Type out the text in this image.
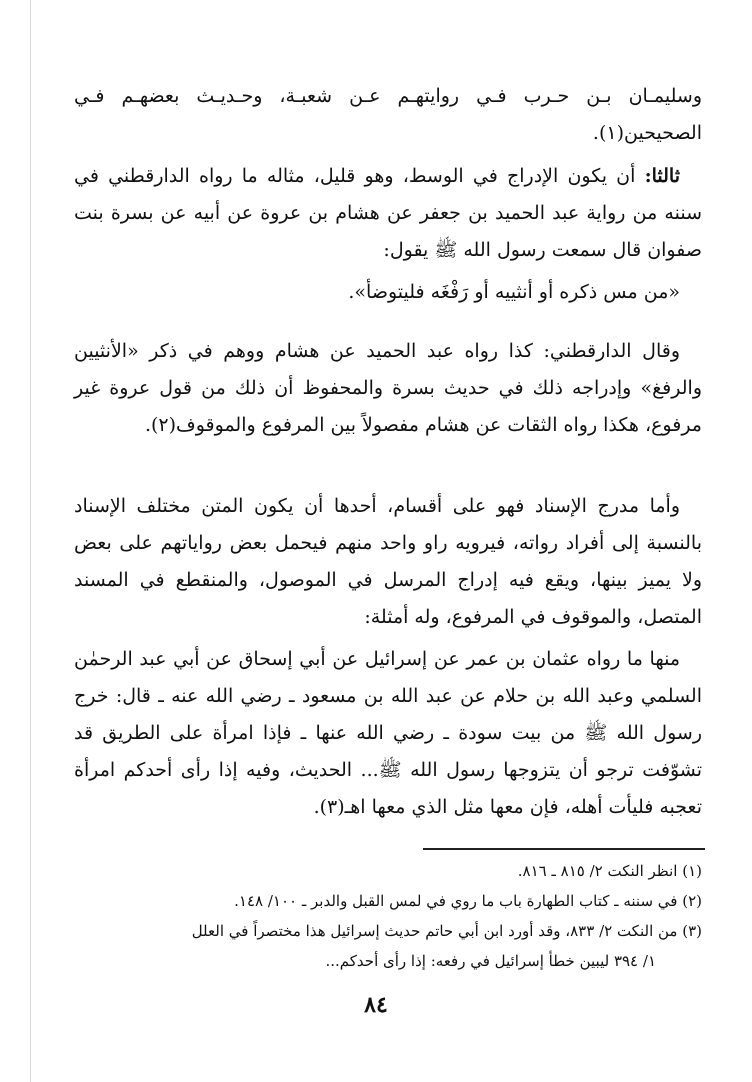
وسليمـان بـن حـرب فـي روايتهـم عـن شعبـة، وحـديـث بعضهـم فـي الصحيحين(١).

ثالثا: أن يكون الإدراج في الوسط، وهو قليل، مثاله ما رواه الدارقطني في سننه من رواية عبد الحميد بن جعفر عن هشام بن عروة عن أبيه عن بسرة بنت صفوان قال سمعت رسول الله ﷺ يقول:

«من مس ذكره أو أنثييه أو رَفْغَه فليتوضأ».

وقال الدارقطني: كذا رواه عبد الحميد عن هشام ووهم في ذكر «الأنثيين والرفغ» وإدراجه ذلك في حديث بسرة والمحفوظ أن ذلك من قول عروة غير مرفوع، هكذا رواه الثقات عن هشام مفصولاً بين المرفوع والموقوف(٢).

وأما مدرج الإسناد فهو على أقسام، أحدها أن يكون المتن مختلف الإسناد بالنسبة إلى أفراد رواته، فيرويه راو واحد منهم فيحمل بعض رواياتهم على بعض ولا يميز بينها، ويقع فيه إدراج المرسل في الموصول، والمنقطع في المسند المتصل، والموقوف في المرفوع، وله أمثلة:

منها ما رواه عثمان بن عمر عن إسرائيل عن أبي إسحاق عن أبي عبد الرحمٰن السلمي وعبد الله بن حلام عن عبد الله بن مسعود ـ رضي الله عنه ـ قال: خرج رسول الله ﷺ من بيت سودة ـ رضي الله عنها ـ فإذا امرأة على الطريق قد تشوّفت ترجو أن يتزوجها رسول الله ﷺ... الحديث، وفيه إذا رأى أحدكم امرأة تعجبه فليأت أهله، فإن معها مثل الذي معها اهـ(٣).

(١) انظر النكت ٢/ ٨١٥ ـ ٨١٦.
(٢) في سننه ـ كتاب الطهارة باب ما روي في لمس القبل والدبر ـ ١٠٠/ ١٤٨.
(٣) من النكت ٢/ ٨٣٣، وقد أورد ابن أبي حاتم حديث إسرائيل هذا مختصراً في العلل
١/ ٣٩٤ ليبين خطأ إسرائيل في رفعه: إذا رأى أحدكم...
٨٤
